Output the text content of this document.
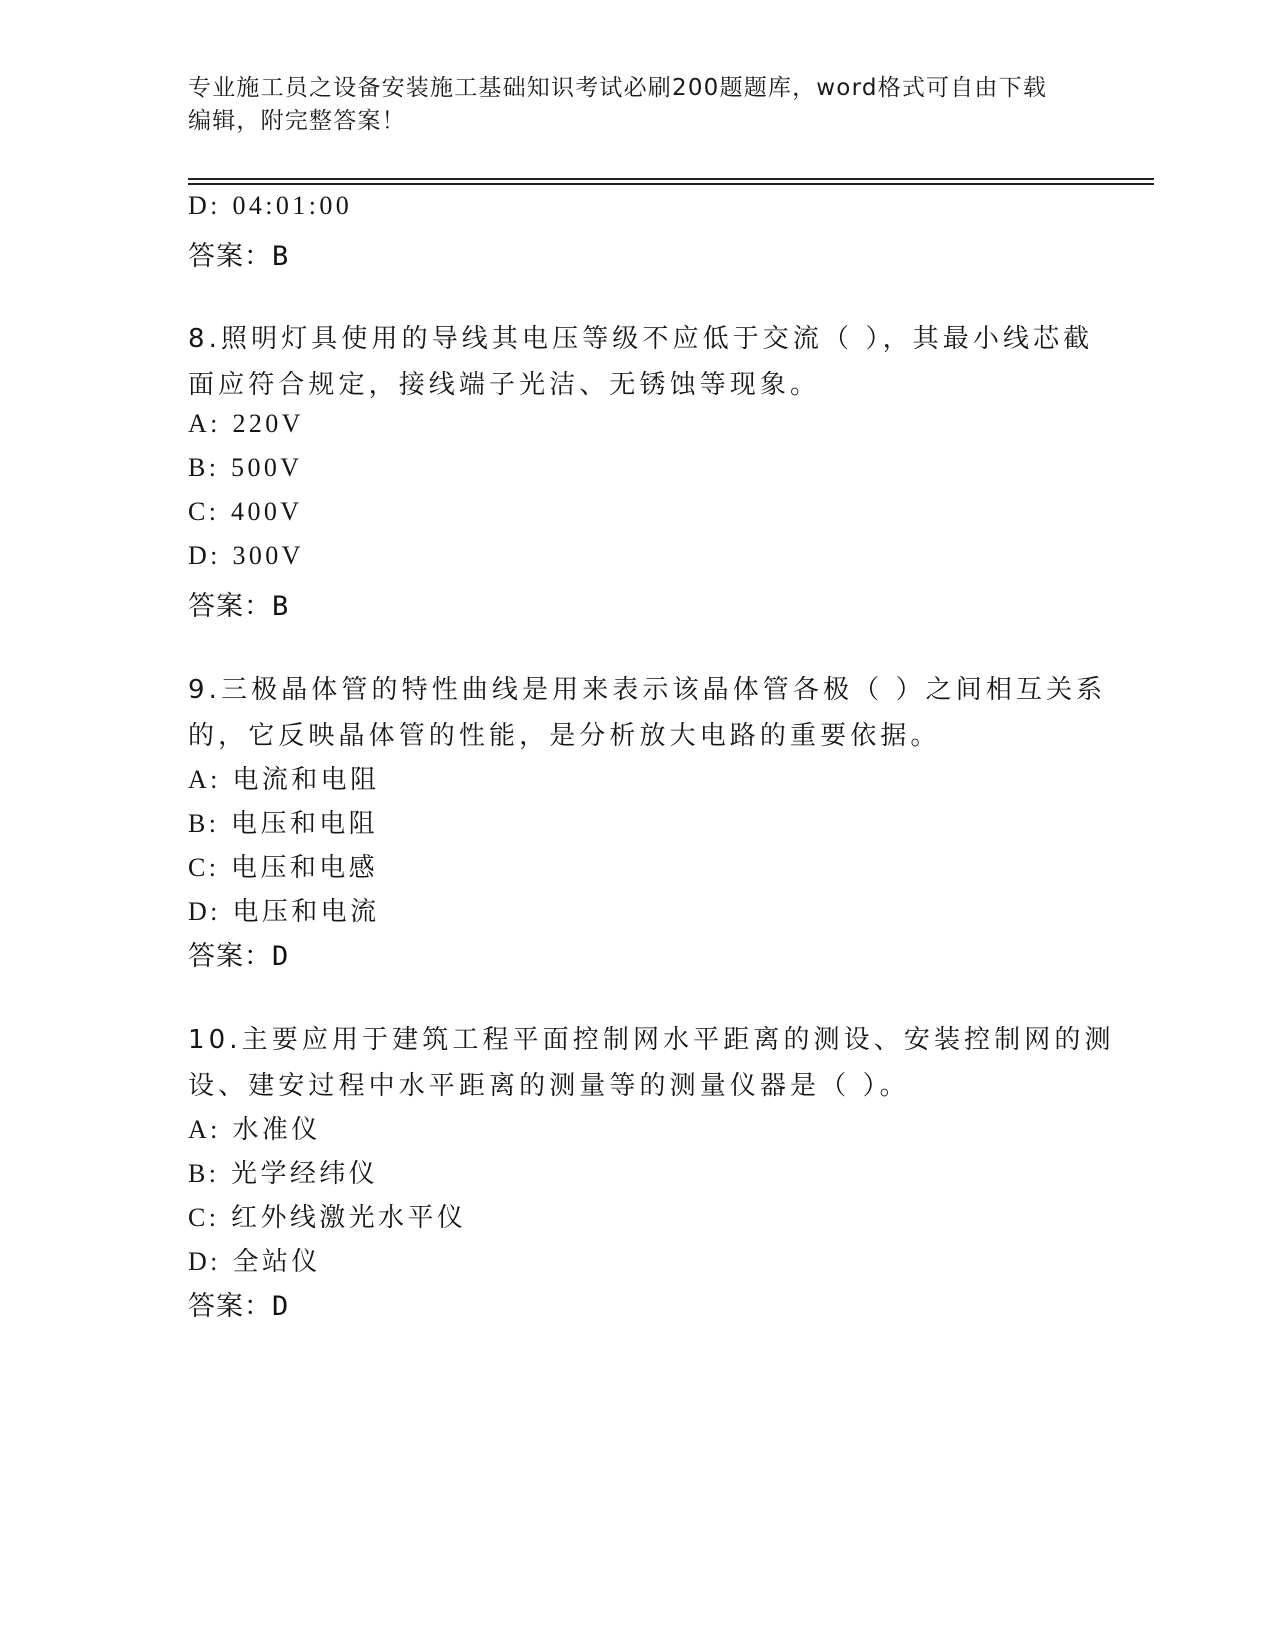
专业施工员之设备安装施工基础知识考试必刷200题题库，word格式可自由下载
编辑，附完整答案！
D: 04:01:00
答案：B
8.照明灯具使用的导线其电压等级不应低于交流（ ），其最小线芯截
面应符合规定，接线端子光洁、无锈蚀等现象。
A: 220V
B: 500V
C: 400V
D: 300V
答案：B
9.三极晶体管的特性曲线是用来表示该晶体管各极（ ）之间相互关系
的，它反映晶体管的性能，是分析放大电路的重要依据。
A: 电流和电阻
B: 电压和电阻
C: 电压和电感
D: 电压和电流
答案：D
10.主要应用于建筑工程平面控制网水平距离的测设、安装控制网的测
设、建安过程中水平距离的测量等的测量仪器是（ ）。
A: 水准仪
B: 光学经纬仪
C: 红外线激光水平仪
D: 全站仪
答案：D
